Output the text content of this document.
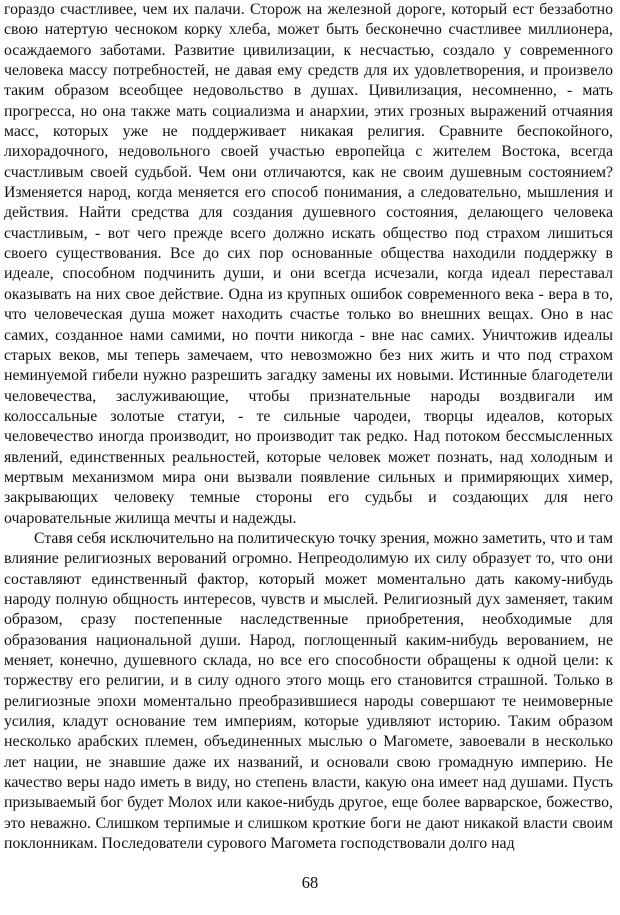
гораздо счастливее, чем их палачи. Сторож на железной дороге, который ест беззаботно свою натертую чесноком корку хлеба, может быть бесконечно счастливее миллионера, осаждаемого заботами. Развитие цивилизации, к несчастью, создало у современного человека массу потребностей, не давая ему средств для их удовлетворения, и произвело таким образом всеобщее недовольство в душах. Цивилизация, несомненно, - мать прогресса, но она также мать социализма и анархии, этих грозных выражений отчаяния масс, которых уже не поддерживает никакая религия. Сравните беспокойного, лихорадочного, недовольного своей участью европейца с жителем Востока, всегда счастливым своей судьбой. Чем они отличаются, как не своим душевным состоянием? Изменяется народ, когда меняется его способ понимания, а следовательно, мышления и действия. Найти средства для создания душевного состояния, делающего человека счастливым, - вот чего прежде всего должно искать общество под страхом лишиться своего существования. Все до сих пор основанные общества находили поддержку в идеале, способном подчинить души, и они всегда исчезали, когда идеал переставал оказывать на них свое действие. Одна из крупных ошибок современного века - вера в то, что человеческая душа может находить счастье только во внешних вещах. Оно в нас самих, созданное нами самими, но почти никогда - вне нас самих. Уничтожив идеалы старых веков, мы теперь замечаем, что невозможно без них жить и что под страхом неминуемой гибели нужно разрешить загадку замены их новыми. Истинные благодетели человечества, заслуживающие, чтобы признательные народы воздвигали им колоссальные золотые статуи, - те сильные чародеи, творцы идеалов, которых человечество иногда производит, но производит так редко. Над потоком бессмысленных явлений, единственных реальностей, которые человек может познать, над холодным и мертвым механизмом мира они вызвали появление сильных и примиряющих химер, закрывающих человеку темные стороны его судьбы и создающих для него очаровательные жилища мечты и надежды.

Ставя себя исключительно на политическую точку зрения, можно заметить, что и там влияние религиозных верований огромно. Непреодолимую их силу образует то, что они составляют единственный фактор, который может моментально дать какому-нибудь народу полную общность интересов, чувств и мыслей. Религиозный дух заменяет, таким образом, сразу постепенные наследственные приобретения, необходимые для образования национальной души. Народ, поглощенный каким-нибудь верованием, не меняет, конечно, душевного склада, но все его способности обращены к одной цели: к торжеству его религии, и в силу одного этого мощь его становится страшной. Только в религиозные эпохи моментально преобразившиеся народы совершают те неимоверные усилия, кладут основание тем империям, которые удивляют историю. Таким образом несколько арабских племен, объединенных мыслью о Магомете, завоевали в несколько лет нации, не знавшие даже их названий, и основали свою громадную империю. Не качество веры надо иметь в виду, но степень власти, какую она имеет над душами. Пусть призываемый бог будет Молох или какое-нибудь другое, еще более варварское, божество, это неважно. Слишком терпимые и слишком кроткие боги не дают никакой власти своим поклонникам. Последователи сурового Магомета господствовали долго над

68
